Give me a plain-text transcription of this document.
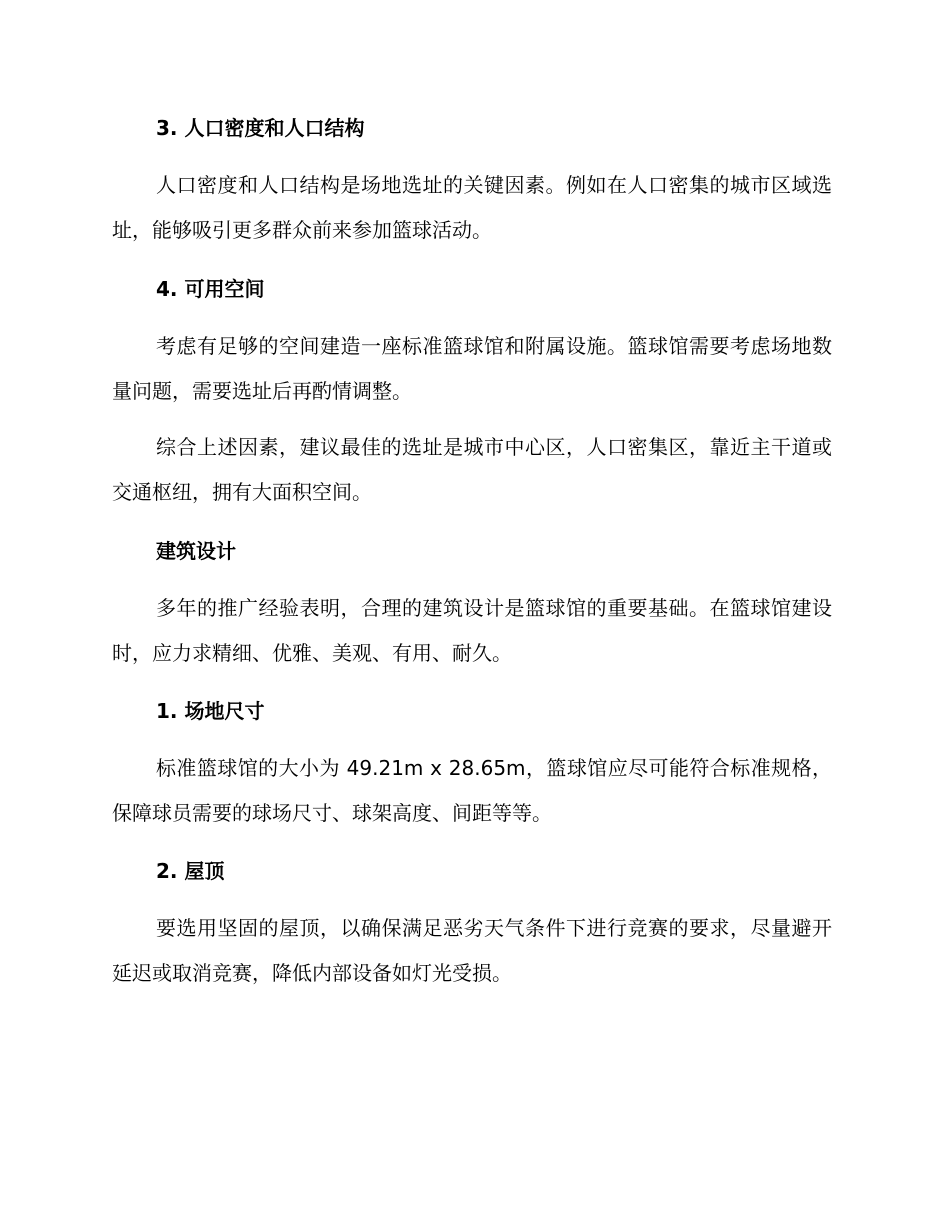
3. 人口密度和人口结构
人口密度和人口结构是场地选址的关键因素。例如在人口密集的城市区域选址，能够吸引更多群众前来参加篮球活动。
4. 可用空间
考虑有足够的空间建造一座标准篮球馆和附属设施。篮球馆需要考虑场地数量问题，需要选址后再酌情调整。
综合上述因素，建议最佳的选址是城市中心区，人口密集区，靠近主干道或交通枢纽，拥有大面积空间。
建筑设计
多年的推广经验表明，合理的建筑设计是篮球馆的重要基础。在篮球馆建设时，应力求精细、优雅、美观、有用、耐久。
1. 场地尺寸
标准篮球馆的大小为 49.21m x 28.65m，篮球馆应尽可能符合标准规格，保障球员需要的球场尺寸、球架高度、间距等等。
2. 屋顶
要选用坚固的屋顶，以确保满足恶劣天气条件下进行竞赛的要求，尽量避开延迟或取消竞赛，降低内部设备如灯光受损。
